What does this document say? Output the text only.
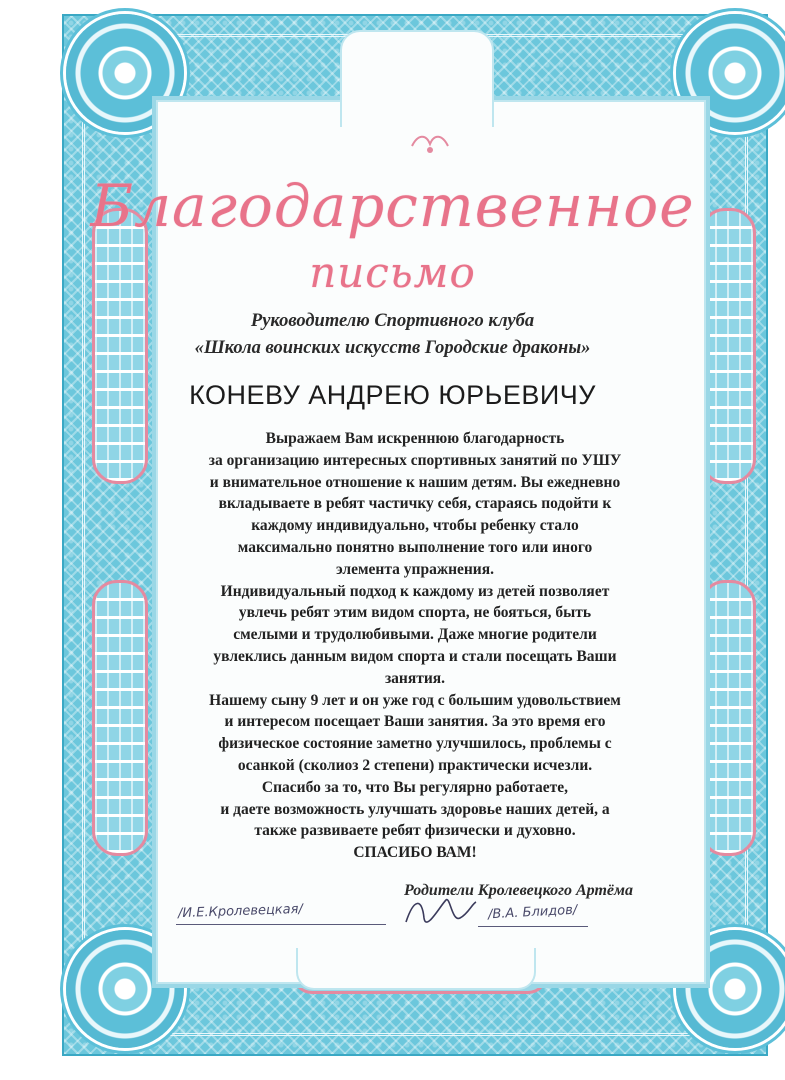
Благодарственное
письмо
Руководителю Спортивного клуба
«Школа воинских искусств Городские драконы»
КОНЕВУ АНДРЕЮ ЮРЬЕВИЧУ
Выражаем Вам искреннюю благодарность
за организацию интересных спортивных занятий по УШУ
и внимательное отношение к нашим детям. Вы ежедневно
вкладываете в ребят частичку себя, стараясь подойти к
каждому индивидуально, чтобы ребенку стало
максимально понятно выполнение того или иного
элемента упражнения.
Индивидуальный подход к каждому из детей позволяет
увлечь ребят этим видом спорта, не бояться, быть
смелыми и трудолюбивыми. Даже многие родители
увлеклись данным видом спорта и стали посещать Ваши
занятия.
Нашему сыну 9 лет и он уже год с большим удовольствием
и интересом посещает Ваши занятия. За это время его
физическое состояние заметно улучшилось, проблемы с
осанкой (сколиоз 2 степени) практически исчезли.
Спасибо за то, что Вы регулярно работаете,
и даете возможность улучшать здоровье наших детей, а
также развиваете ребят физически и духовно.
СПАСИБО ВАМ!
Родители Кролевецкого Артёма
/И.Е.Кролевецкая/	/В.А. Блидов/
